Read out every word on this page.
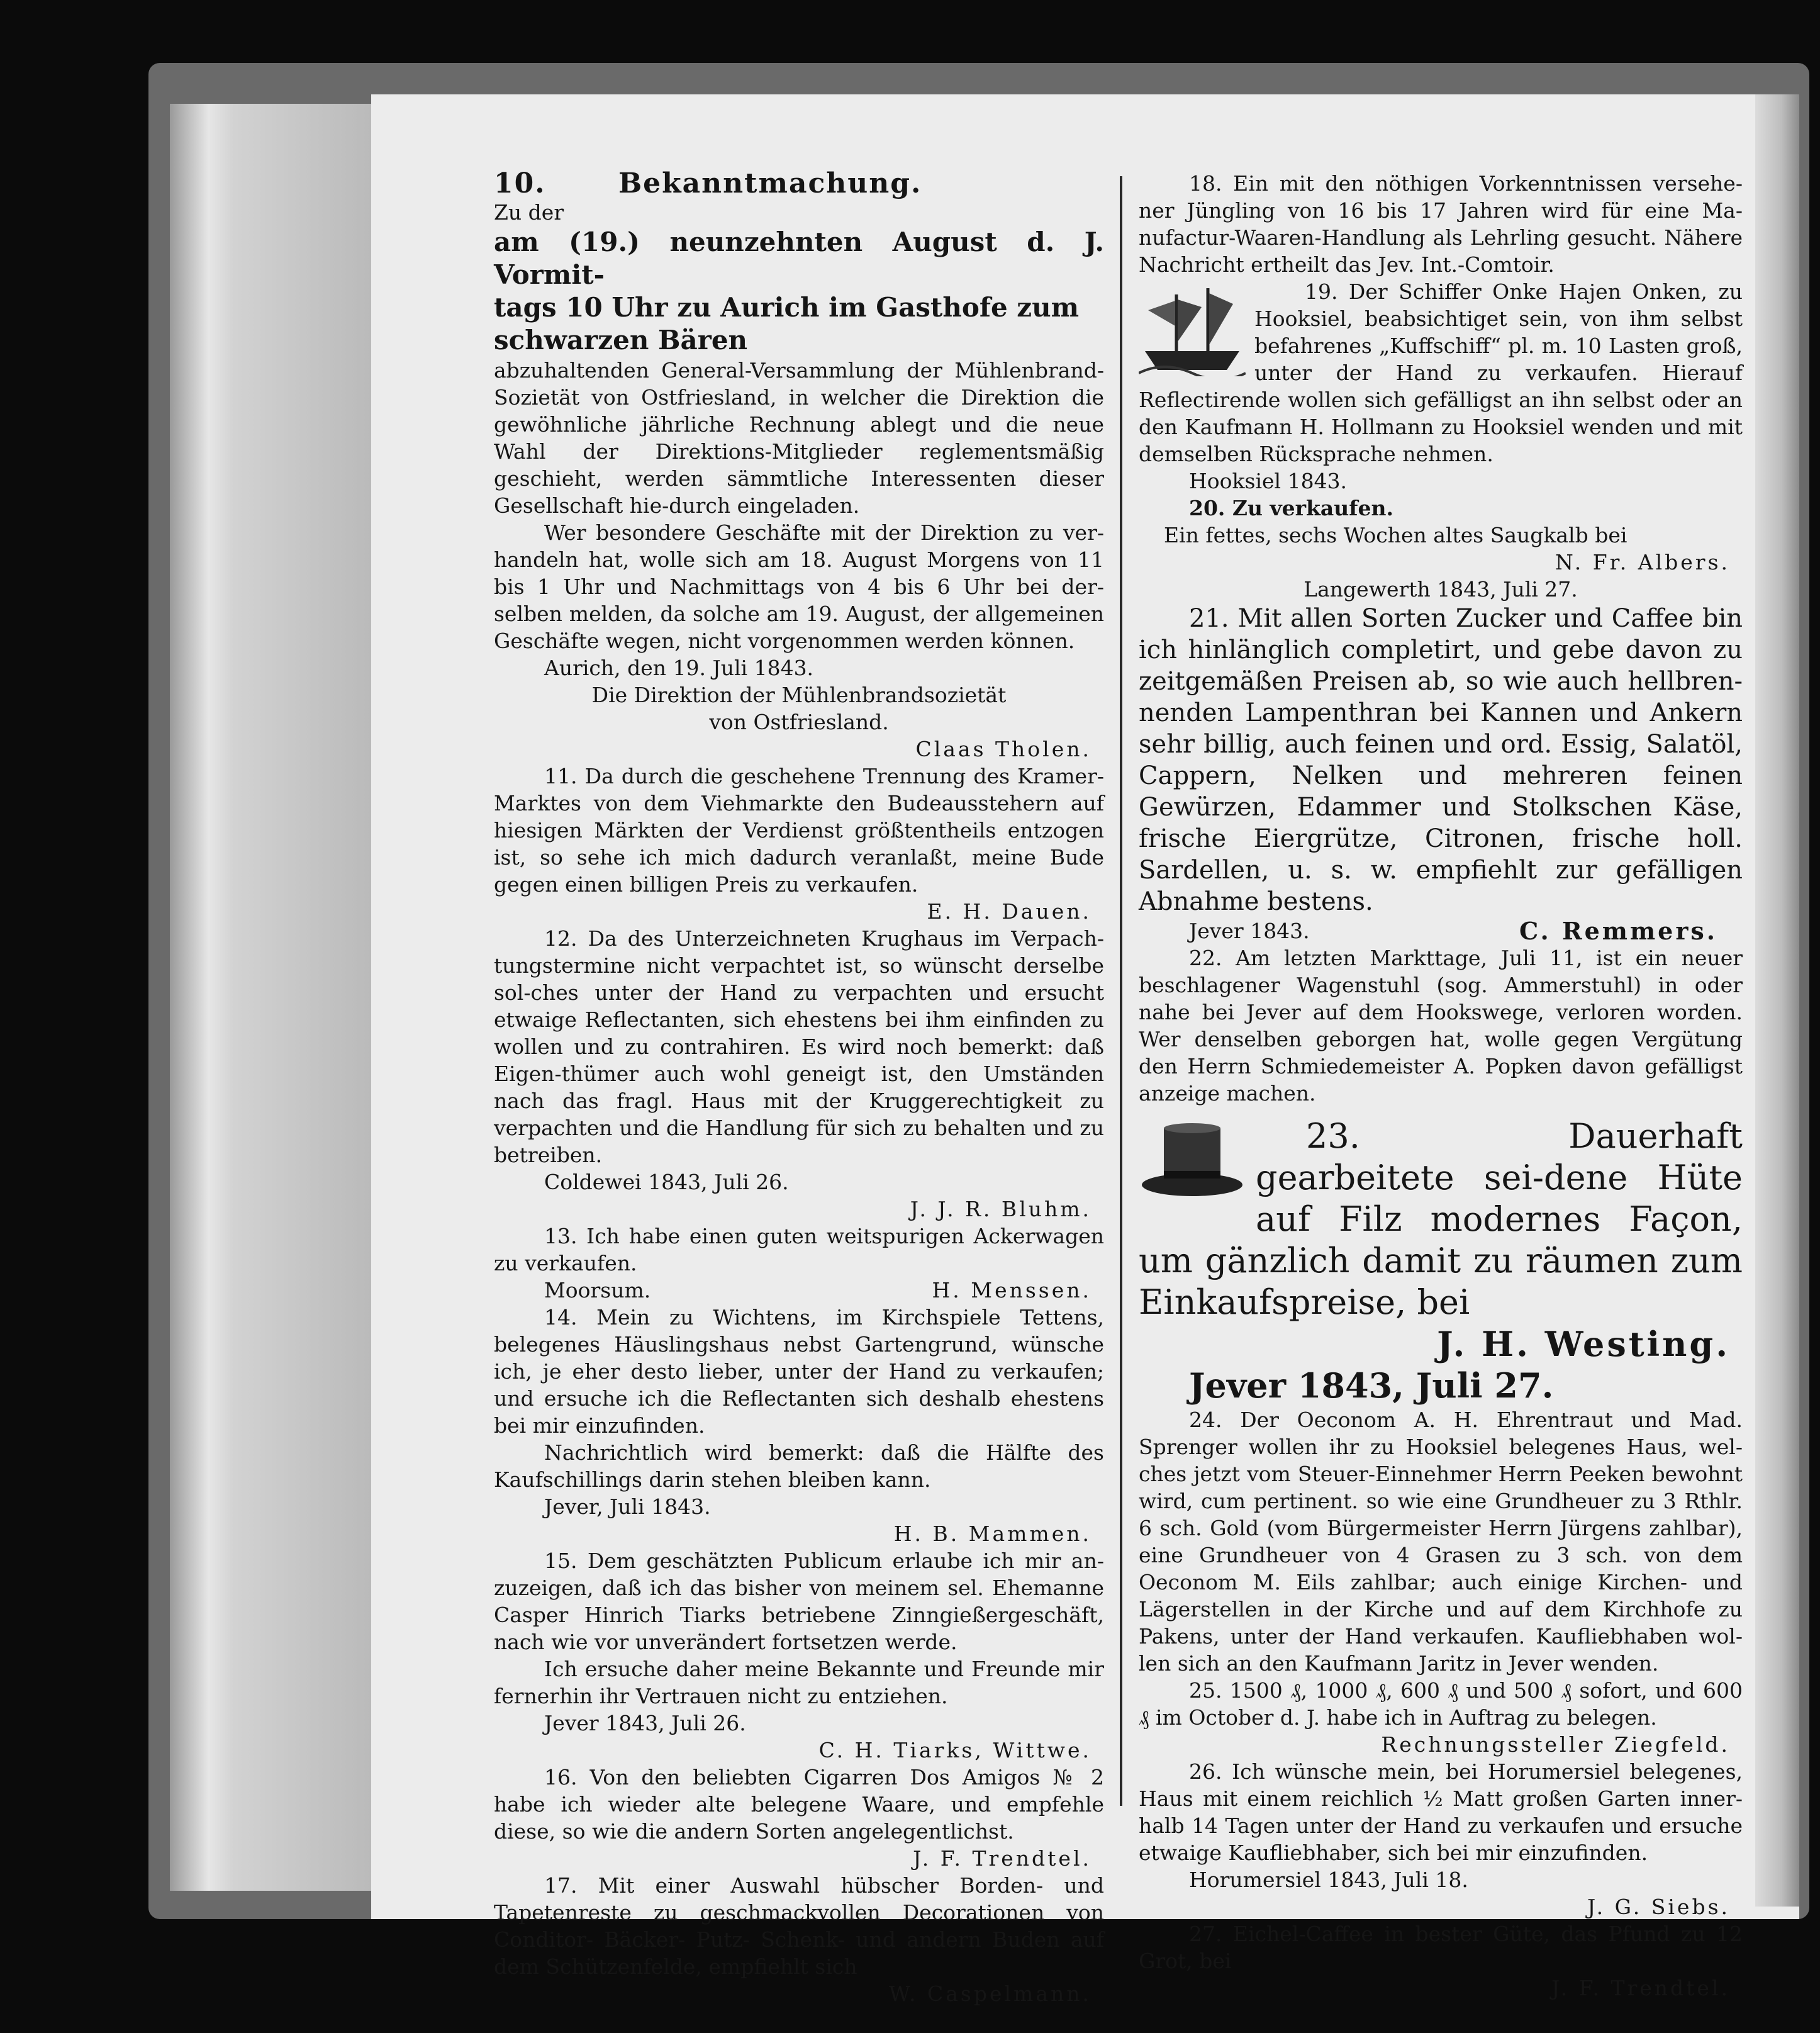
10.	Bekanntmachung.

Zu der

am (19.) neunzehnten August d. J. Vormit-

tags 10 Uhr zu Aurich im Gasthofe zum

schwarzen Bären

abzuhaltenden General-Versammlung der Mühlenbrand-Sozietät von Ostfriesland, in welcher die Direktion die gewöhnliche jährliche Rechnung ablegt und die neue Wahl der Direktions-Mitglieder reglementsmäßig geschieht, werden sämmtliche Interessenten dieser Gesellschaft hie-durch eingeladen.

Wer besondere Geschäfte mit der Direktion zu ver-handeln hat, wolle sich am 18. August Morgens von 11 bis 1 Uhr und Nachmittags von 4 bis 6 Uhr bei der-selben melden, da solche am 19. August, der allgemeinen Geschäfte wegen, nicht vorgenommen werden können.

Aurich, den 19. Juli 1843.

Die Direktion der Mühlenbrandsozietät

von Ostfriesland.

Claas Tholen.

11. Da durch die geschehene Trennung des Kramer-Marktes von dem Viehmarkte den Budeausstehern auf hiesigen Märkten der Verdienst größtentheils entzogen ist, so sehe ich mich dadurch veranlaßt, meine Bude gegen einen billigen Preis zu verkaufen.

E. H. Dauen.

12. Da des Unterzeichneten Krughaus im Verpach-tungstermine nicht verpachtet ist, so wünscht derselbe sol-ches unter der Hand zu verpachten und ersucht etwaige Reflectanten, sich ehestens bei ihm einfinden zu wollen und zu contrahiren. Es wird noch bemerkt: daß Eigen-thümer auch wohl geneigt ist, den Umständen nach das fragl. Haus mit der Kruggerechtigkeit zu verpachten und die Handlung für sich zu behalten und zu betreiben.

Coldewei 1843, Juli 26.

J. J. R. Bluhm.

13. Ich habe einen guten weitspurigen Ackerwagen zu verkaufen.

Moorsum.	H. Menssen.

14. Mein zu Wichtens, im Kirchspiele Tettens, belegenes Häuslingshaus nebst Gartengrund, wünsche ich, je eher desto lieber, unter der Hand zu verkaufen; und ersuche ich die Reflectanten sich deshalb ehestens bei mir einzufinden.

Nachrichtlich wird bemerkt: daß die Hälfte des Kaufschillings darin stehen bleiben kann.

Jever, Juli 1843.

H. B. Mammen.

15. Dem geschätzten Publicum erlaube ich mir an-zuzeigen, daß ich das bisher von meinem sel. Ehemanne Casper Hinrich Tiarks betriebene Zinngießergeschäft, nach wie vor unverändert fortsetzen werde.

Ich ersuche daher meine Bekannte und Freunde mir fernerhin ihr Vertrauen nicht zu entziehen.

Jever 1843, Juli 26.

C. H. Tiarks, Wittwe.

16. Von den beliebten Cigarren Dos Amigos № 2 habe ich wieder alte belegene Waare, und empfehle diese, so wie die andern Sorten angelegentlichst.

J. F. Trendtel.

17. Mit einer Auswahl hübscher Borden- und Tapetenreste zu geschmackvollen Decorationen von Conditor- Bäcker- Putz- Schenk- und andern Buden auf dem Schützenfelde, empfiehlt sich

W. Caspelmann.

18. Ein mit den nöthigen Vorkenntnissen versehe-ner Jüngling von 16 bis 17 Jahren wird für eine Ma-nufactur-Waaren-Handlung als Lehrling gesucht. Nähere Nachricht ertheilt das Jev. Int.-Comtoir.

19. Der Schiffer Onke Hajen Onken, zu Hooksiel, beabsichtiget sein, von ihm selbst befahrenes „Kuffschiff“ pl. m. 10 Lasten groß, unter der Hand zu verkaufen. Hierauf Reflectirende wollen sich gefälligst an ihn selbst oder an den Kaufmann H. Hollmann zu Hooksiel wenden und mit demselben Rücksprache nehmen.

Hooksiel 1843.

20. Zu verkaufen.

Ein fettes, sechs Wochen altes Saugkalb bei

N. Fr. Albers.

Langewerth 1843, Juli 27.

21. Mit allen Sorten Zucker und Caffee bin ich hinlänglich completirt, und gebe davon zu zeitgemäßen Preisen ab, so wie auch hellbren-nenden Lampenthran bei Kannen und Ankern sehr billig, auch feinen und ord. Essig, Salatöl, Cappern, Nelken und mehreren feinen Gewürzen, Edammer und Stolkschen Käse, frische Eiergrütze, Citronen, frische holl. Sardellen, u. s. w. empfiehlt zur gefälligen Abnahme bestens.

Jever 1843.	C. Remmers.

22. Am letzten Markttage, Juli 11, ist ein neuer beschlagener Wagenstuhl (sog. Ammerstuhl) in oder nahe bei Jever auf dem Hookswege, verloren worden. Wer denselben geborgen hat, wolle gegen Vergütung den Herrn Schmiedemeister A. Popken davon gefälligst anzeige machen.

23. Dauerhaft gearbeitete sei-dene Hüte auf Filz modernes Façon, um gänzlich damit zu räumen zum Einkaufspreise, bei

J. H. Westing.

Jever 1843, Juli 27.

24. Der Oeconom A. H. Ehrentraut und Mad. Sprenger wollen ihr zu Hooksiel belegenes Haus, wel-ches jetzt vom Steuer-Einnehmer Herrn Peeken bewohnt wird, cum pertinent. so wie eine Grundheuer zu 3 Rthlr. 6 sch. Gold (vom Bürgermeister Herrn Jürgens zahlbar), eine Grundheuer von 4 Grasen zu 3 sch. von dem Oeconom M. Eils zahlbar; auch einige Kirchen- und Lägerstellen in der Kirche und auf dem Kirchhofe zu Pakens, unter der Hand verkaufen. Kaufliebhaben wol-len sich an den Kaufmann Jaritz in Jever wenden.

25. 1500 ₰, 1000 ₰, 600 ₰ und 500 ₰ sofort, und 600 ₰ im October d. J. habe ich in Auftrag zu belegen.

Rechnungssteller Ziegfeld.

26. Ich wünsche mein, bei Horumersiel belegenes, Haus mit einem reichlich ½ Matt großen Garten inner-halb 14 Tagen unter der Hand zu verkaufen und ersuche etwaige Kaufliebhaber, sich bei mir einzufinden.

Horumersiel 1843, Juli 18.

J. G. Siebs.

27. Eichel-Caffee in bester Güte, das Pfund zu 12 Grot, bei

J. F. Trendtel.
